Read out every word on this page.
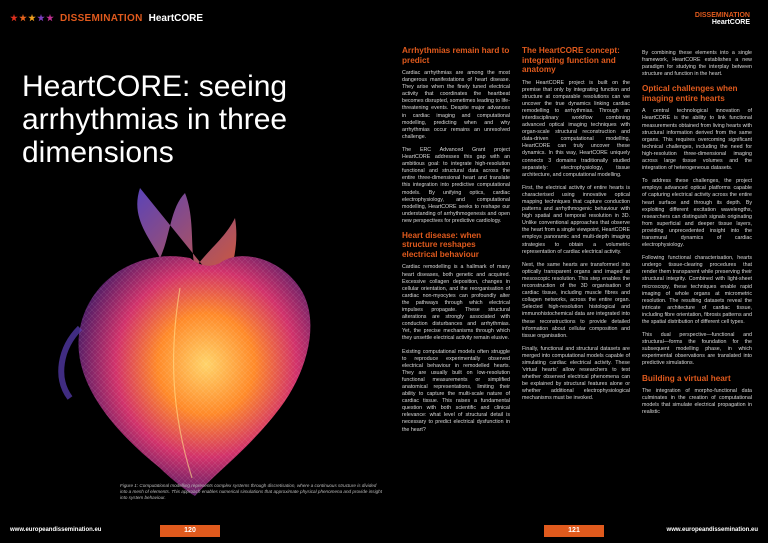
DISSEMINATION HeartCORE
HeartCORE: seeing arrhythmias in three dimensions
Figure 1: Computational modelling represents complex systems through discretisation, where a continuous structure is divided into a mesh of elements. This approach enables numerical simulations that approximate physical phenomena and provide insight into system behaviour.
www.europeandissemination.eu	120
Arrhythmias remain hard to predict

Cardiac arrhythmias are among the most dangerous manifestations of heart disease. They arise when the finely tuned electrical activity that coordinates the heartbeat becomes disrupted, sometimes leading to life-threatening events. Despite major advances in cardiac imaging and computational modelling, predicting when and why arrhythmias occur remains an unresolved challenge.

The ERC Advanced Grant project HeartCORE addresses this gap with an ambitious goal: to integrate high-resolution functional and structural data across the entire three-dimensional heart and translate this integration into predictive computational models. By unifying optics, cardiac electrophysiology, and computational modelling, HeartCORE seeks to reshape our understanding of arrhythmogenesis and open new perspectives for predictive cardiology.

Heart disease: when structure reshapes electrical behaviour

Cardiac remodelling is a hallmark of many heart diseases, both genetic and acquired. Excessive collagen deposition, changes in cellular orientation, and the reorganisation of cardiac non-myocytes can profoundly alter the pathways through which electrical impulses propagate. These structural alterations are strongly associated with conduction disturbances and arrhythmias. Yet, the precise mechanisms through which they unsettle electrical activity remain elusive.

Existing computational models often struggle to reproduce experimentally observed electrical behaviour in remodelled hearts. They are usually built on low-resolution functional measurements or simplified anatomical representations, limiting their ability to capture the multi-scale nature of cardiac tissue. This raises a fundamental question with both scientific and clinical relevance: what level of structural detail is necessary to predict electrical dysfunction in the heart?

The HeartCORE concept: integrating function and anatomy

The HeartCORE project is built on the premise that only by integrating function and structure at comparable resolutions can we uncover the true dynamics linking cardiac remodelling to arrhythmias. Through an interdisciplinary workflow combining advanced optical imaging techniques with organ-scale structural reconstruction and data-driven computational modelling, HeartCORE can truly uncover these dynamics. In this way, HeartCORE uniquely connects 3 domains traditionally studied separately: electrophysiology, tissue architecture, and computational modelling.

First, the electrical activity of entire hearts is characterised using innovative optical mapping techniques that capture conduction patterns and arrhythmogenic behaviour with high spatial and temporal resolution in 3D. Unlike conventional approaches that observe the heart from a single viewpoint, HeartCORE employs panoramic and multi-depth imaging strategies to obtain a volumetric representation of cardiac electrical activity.

Next, the same hearts are transformed into optically transparent organs and imaged at mesoscopic resolution. This step enables the reconstruction of the 3D organisation of cardiac tissue, including muscle fibres and collagen networks, across the entire organ. Selected high-resolution histological and immunohistochemical data are integrated into these reconstructions to provide detailed information about cellular composition and tissue organisation.

Finally, functional and structural datasets are merged into computational models capable of simulating cardiac electrical activity. These 'virtual hearts' allow researchers to test whether observed electrical phenomena can be explained by structural features alone or whether additional electrophysiological mechanisms must be invoked.

DISSEMINATION
HeartCORE

By combining these elements into a single framework, HeartCORE establishes a new paradigm for studying the interplay between structure and function in the heart.

Optical challenges when imaging entire hearts

A central technological innovation of HeartCORE is the ability to link functional measurements obtained from living hearts with structural information derived from the same organs. This requires overcoming significant technical challenges, including the need for high-resolution three-dimensional imaging across large tissue volumes and the integration of heterogeneous datasets.

To address these challenges, the project employs advanced optical platforms capable of capturing electrical activity across the entire heart surface and through its depth. By exploiting different excitation wavelengths, researchers can distinguish signals originating from superficial and deeper tissue layers, providing unprecedented insight into the transmural dynamics of cardiac electrophysiology.

Following functional characterisation, hearts undergo tissue-clearing procedures that render them transparent while preserving their structural integrity. Combined with light-sheet microscopy, these techniques enable rapid imaging of whole organs at micrometric resolution. The resulting datasets reveal the intricate architecture of cardiac tissue, including fibre orientation, fibrosis patterns and the spatial distribution of different cell types.

This dual perspective—functional and structural—forms the foundation for the subsequent modelling phase, in which experimental observations are translated into predictive simulations.

Building a virtual heart

The integration of morpho-functional data culminates in the creation of computational models that simulate electrical propagation in realistic

121	www.europeandissemination.eu
